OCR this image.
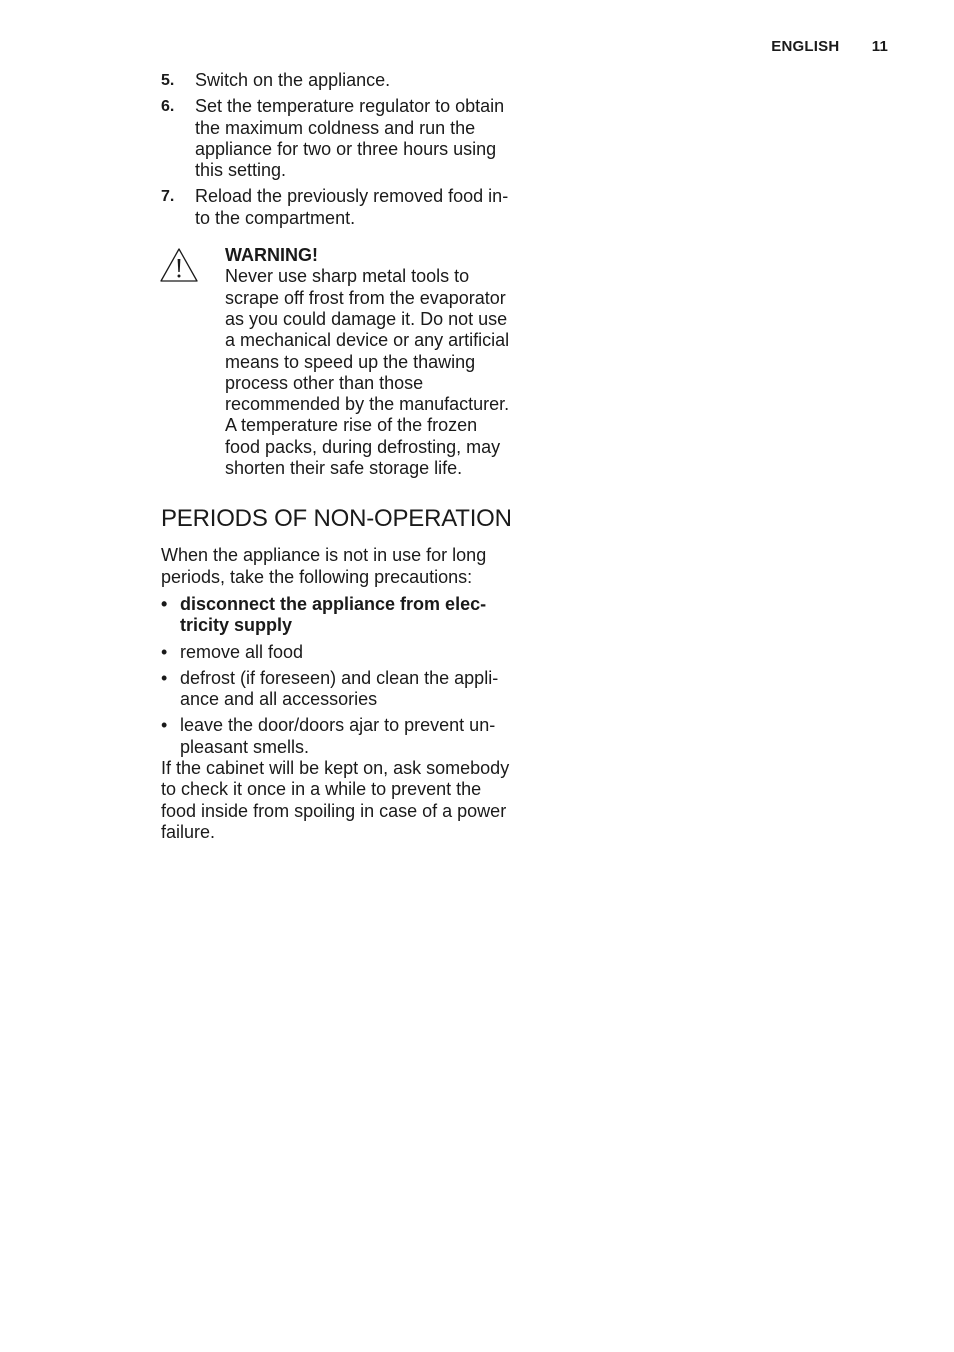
ENGLISH 11
5. Switch on the appliance.
6. Set the temperature regulator to obtain the maximum coldness and run the appliance for two or three hours using this setting.
7. Reload the previously removed food into the compartment.
WARNING!
Never use sharp metal tools to scrape off frost from the evaporator as you could damage it. Do not use a mechanical device or any artificial means to speed up the thawing process other than those recommended by the manufacturer. A temperature rise of the frozen food packs, during defrosting, may shorten their safe storage life.
PERIODS OF NON-OPERATION

When the appliance is not in use for long periods, take the following precautions:

• disconnect the appliance from electricity supply
• remove all food
• defrost (if foreseen) and clean the appliance and all accessories
• leave the door/doors ajar to prevent unpleasant smells.

If the cabinet will be kept on, ask somebody to check it once in a while to prevent the food inside from spoiling in case of a power failure.
